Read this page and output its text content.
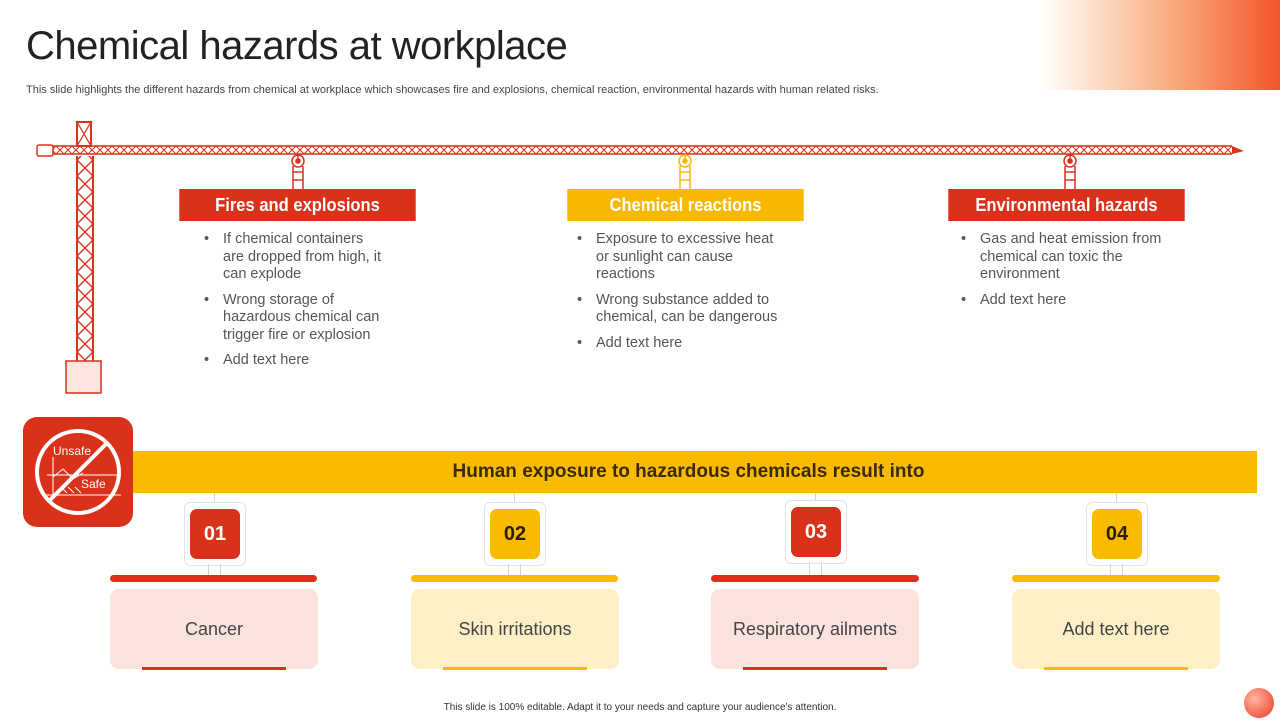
Chemical hazards at workplace

This slide highlights the different hazards from chemical at workplace which showcases fire and explosions, chemical reaction, environmental hazards with human related risks.

Fires and explosions	Chemical reactions	Environmental hazards
• If chemical containers are dropped from high, it can explode
• Wrong storage of hazardous chemical can trigger fire or explosion
• Add text here
• Exposure to excessive heat or sunlight can cause reactions
• Wrong substance added to chemical, can be dangerous
• Add text here
• Gas and heat emission from chemical can toxic the environment
• Add text here
Human exposure to hazardous chemicals result into
Unsafe
Safe
01	02	03	04
Cancer	Skin irritations	Respiratory ailments	Add text here
This slide is 100% editable. Adapt it to your needs and capture your audience's attention.
